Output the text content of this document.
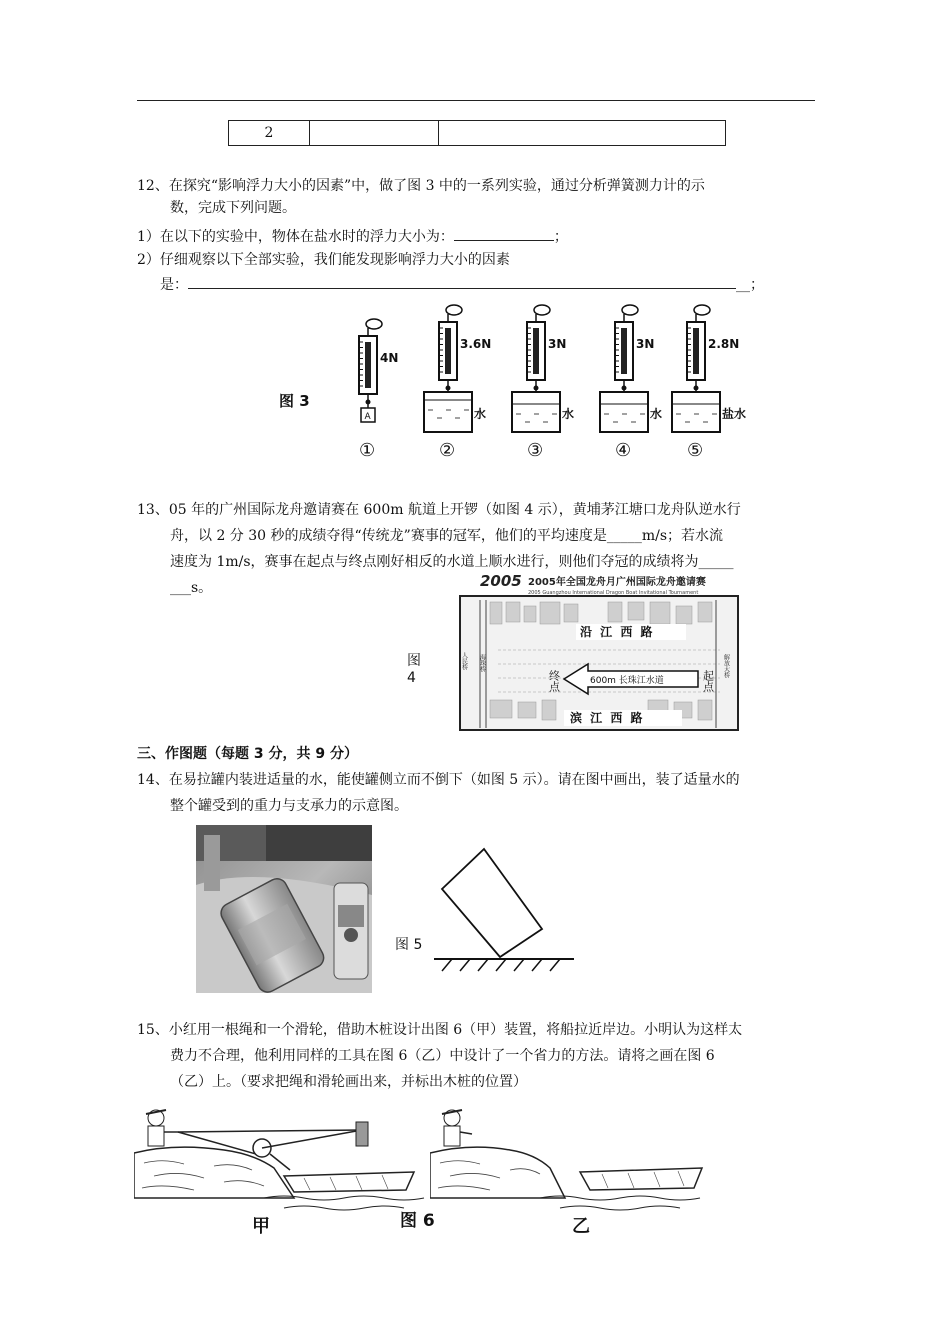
2		
12、在探究“影响浮力大小的因素”中，做了图 3 中的一系列实验，通过分析弹簧测力计的示
数，完成下列问题。
1）在以下的实验中，物体在盐水时的浮力大小为：	；
2）仔细观察以下全部实验，我们能发现影响浮力大小的因素
是：	__；
图 3
4N
A
①
3.6N
水
②
3N
水
③
3N
水
④
2.8N
盐水
⑤
13、05 年的广州国际龙舟邀请赛在 600m 航道上开锣（如图 4 示），黄埔茅江塘口龙舟队逆水行
舟，以 2 分 30 秒的成绩夺得“传统龙”赛事的冠军，他们的平均速度是_____m/s；若水流
速度为 1m/s，赛事在起点与终点刚好相反的水道上顺水进行，则他们夺冠的成绩将为_____
___s。
图
4
2005 2005年全国龙舟月广州国际龙舟邀请赛
2005 Guangzhou International Dragon Boat Invitational Tournament
人民桥 海珠桥	解放大桥
沿 江 西 路
滨 江 西 路
终点	起点
600m 长珠江水道
三、作图题（每题 3 分，共 9 分）
14、在易拉罐内装进适量的水，能使罐侧立而不倒下（如图 5 示）。请在图中画出，装了适量水的
整个罐受到的重力与支承力的示意图。
图 5
15、小红用一根绳和一个滑轮，借助木桩设计出图 6（甲）装置，将船拉近岸边。小明认为这样太
费力不合理，他利用同样的工具在图 6（乙）中设计了一个省力的方法。请将之画在图 6
（乙）上。（要求把绳和滑轮画出来，并标出木桩的位置）
甲	图 6	乙
